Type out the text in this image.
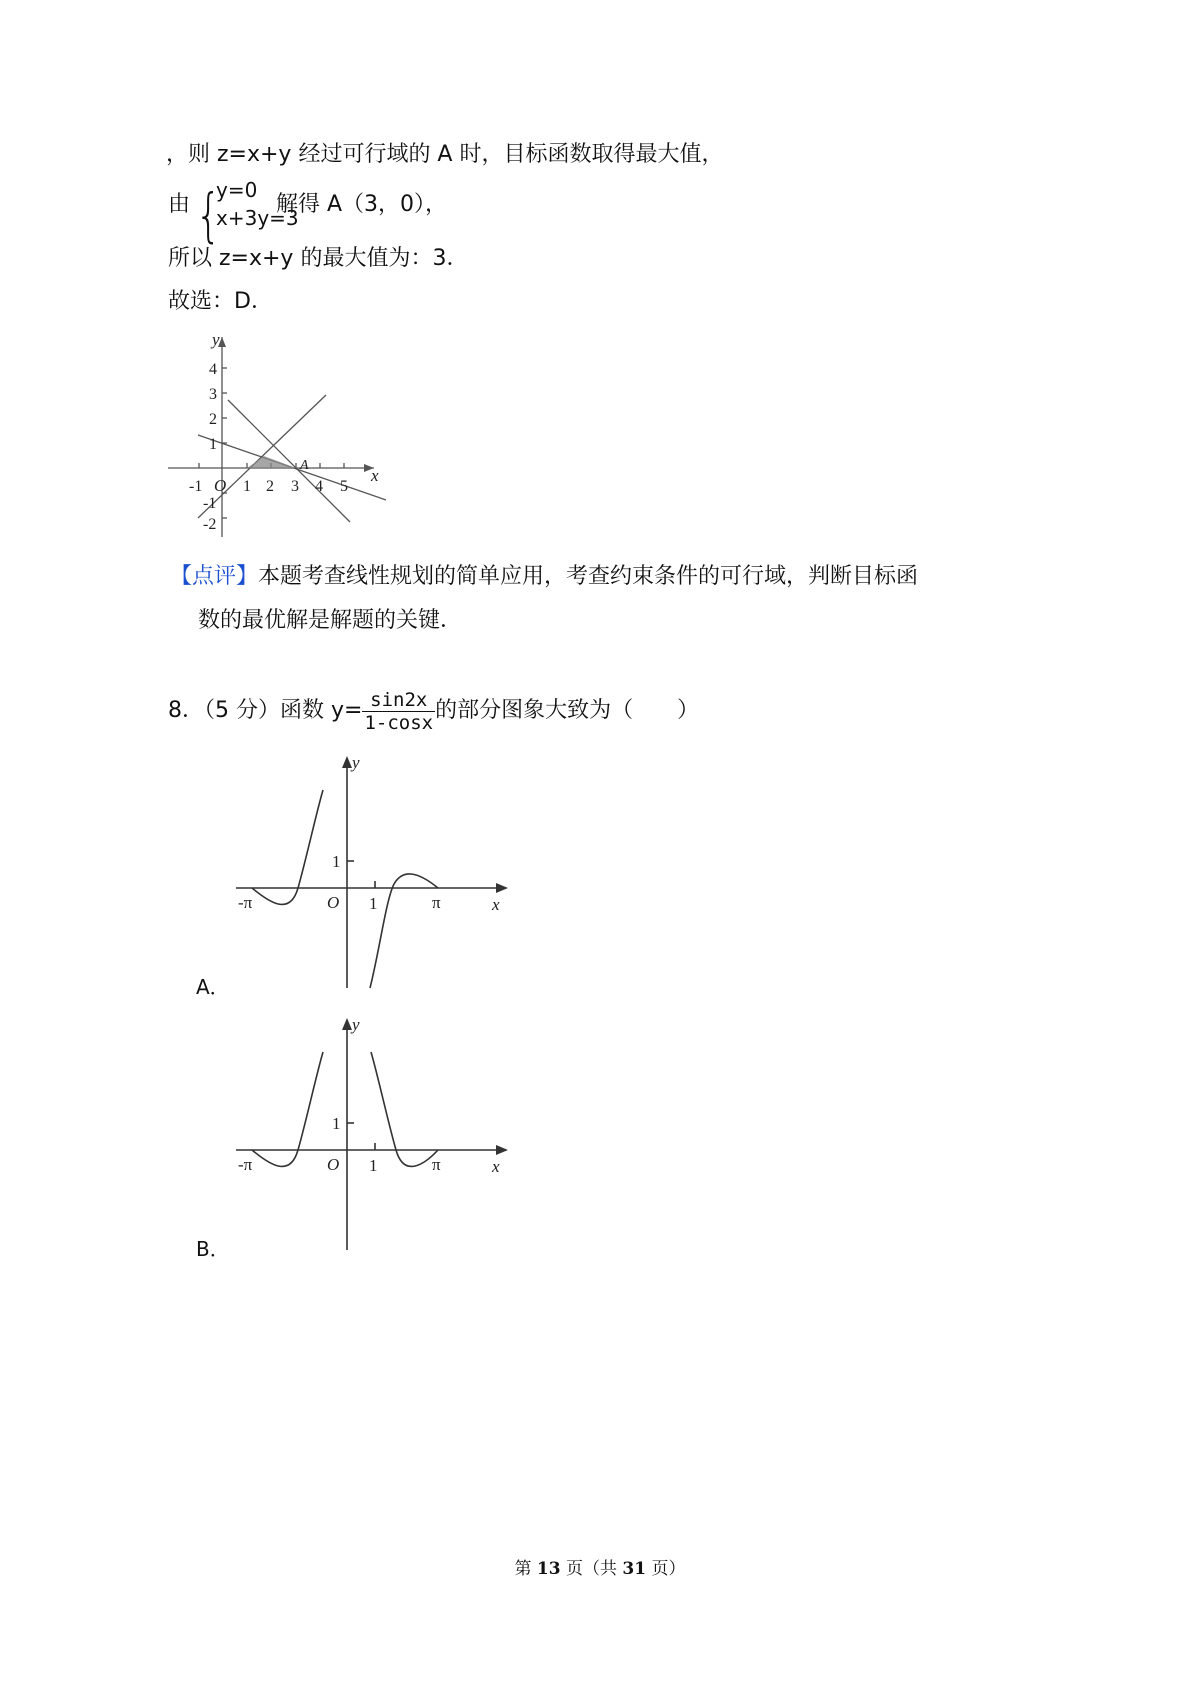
，则 z=x+y 经过可行域的 A 时，目标函数取得最大值，
由 {
y=0
x+3y=3
解得 A（3，0），
所以 z=x+y 的最大值为：3．
故选：D．
y
x
O
A
-1	1 2 3 4 5
4
3
2
1
-1
-2
【点评】本题考查线性规划的简单应用，考查约束条件的可行域，判断目标函
数的最优解是解题的关键．
8．（5 分）函数 $y= \frac{\sin 2x}{1-\cos x}$ 的部分图象大致为（　　）
y
x
O
1
1
-π	π
A．
y
x
O
1
1
-π	π
B．
第 13 页（共 31 页）
